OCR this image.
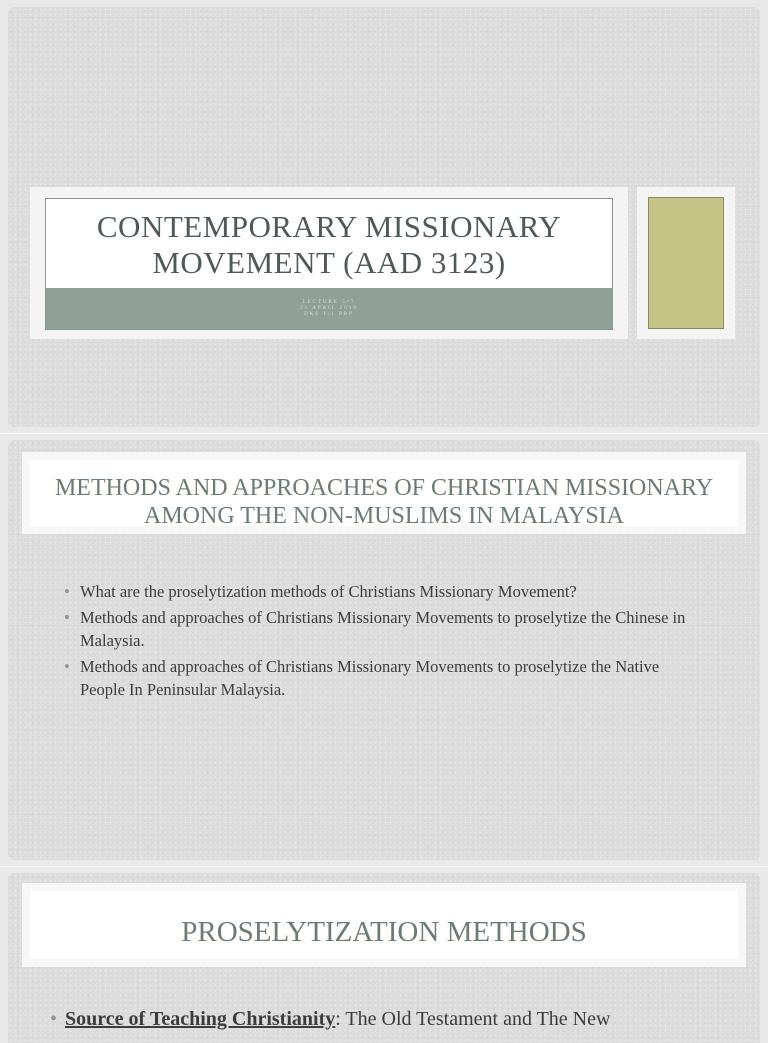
CONTEMPORARY MISSIONARY MOVEMENT (AAD 3123)
LECTURE 5^7
21 APRIL 2019
DKF 1:1 PRP
METHODS AND APPROACHES OF CHRISTIAN MISSIONARY AMONG THE NON-MUSLIMS IN MALAYSIA
• What are the proselytization methods of Christians Missionary Movement?
• Methods and approaches of Christians Missionary Movements to proselytize the Chinese in Malaysia.
• Methods and approaches of Christians Missionary Movements to proselytize the Native People In Peninsular Malaysia.
PROSELYTIZATION METHODS
• Source of Teaching Christianity: The Old Testament and The New
